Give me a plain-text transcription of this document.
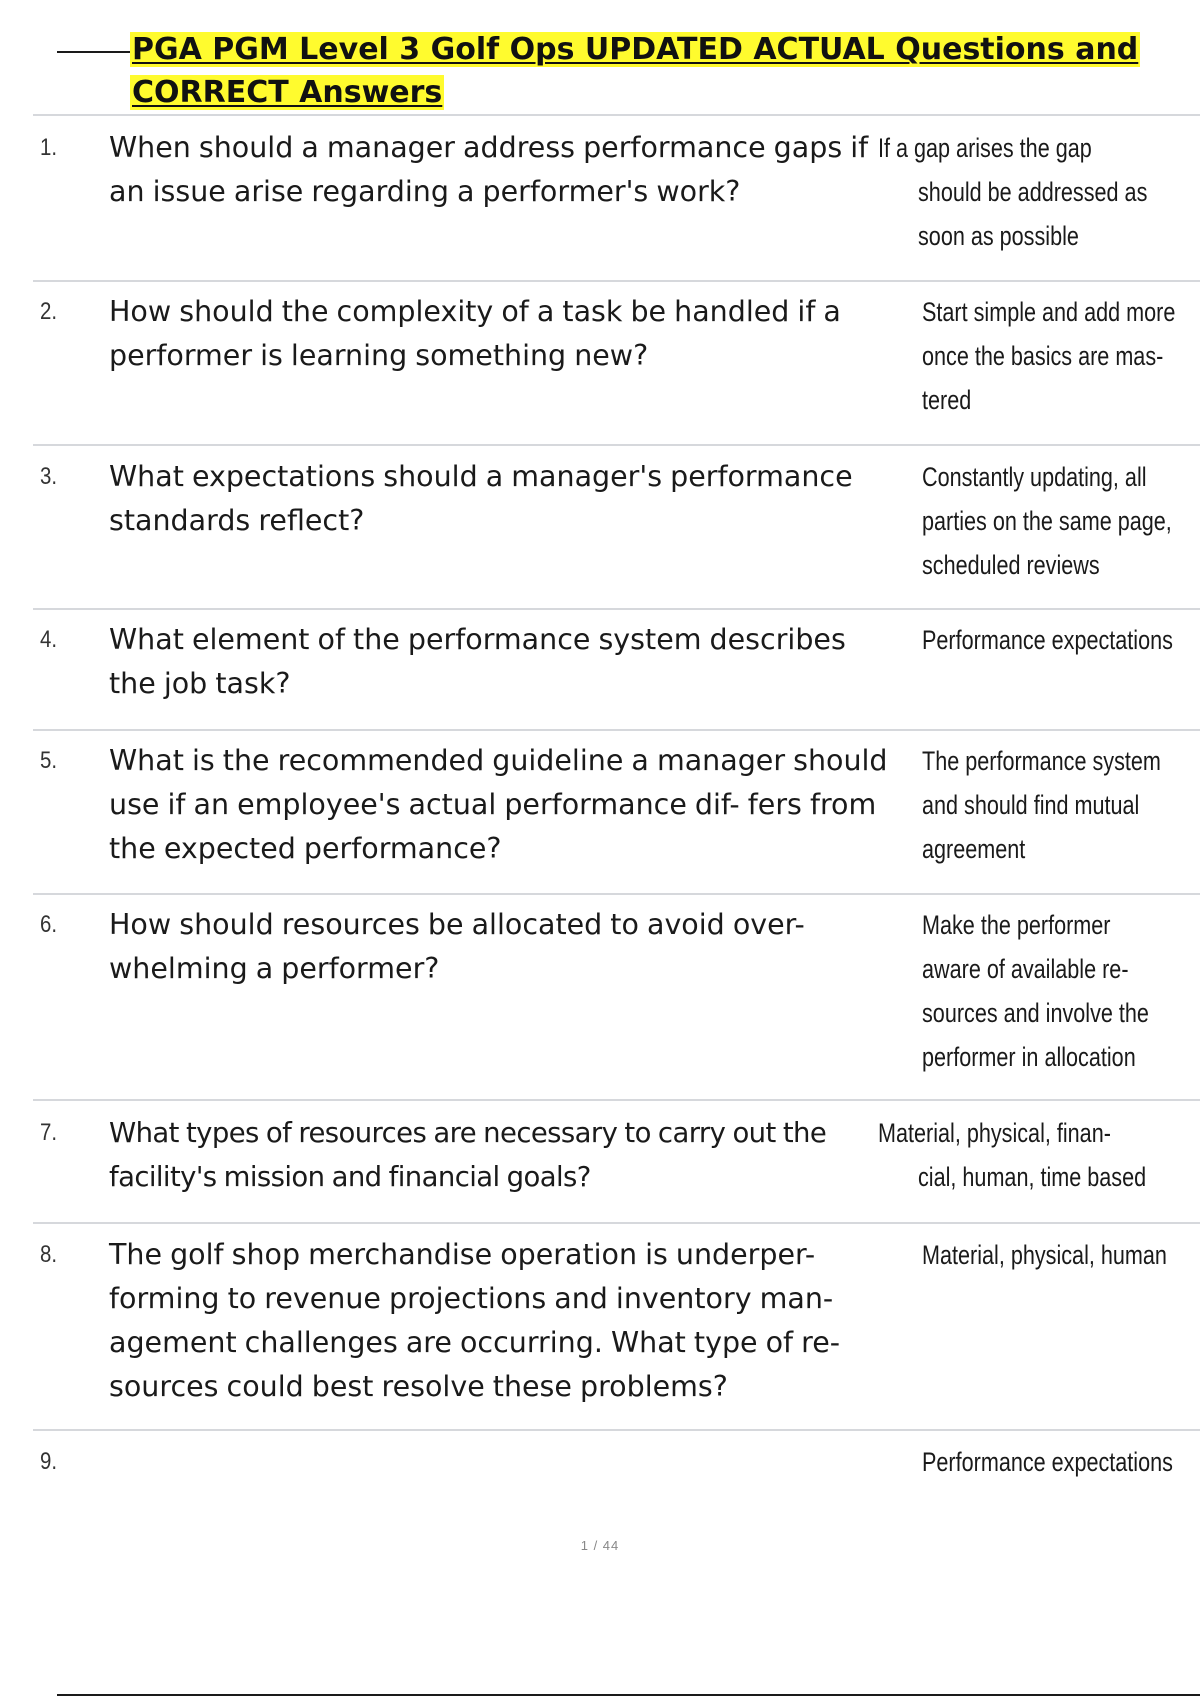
PGA PGM Level 3 Golf Ops UPDATED ACTUAL Questions and
CORRECT Answers
1. When should a manager address performance gaps if an issue arise regarding a performer's work?
If a gap arises the gap
should be addressed as
soon as possible
2. How should the complexity of a task be handled if a performer is learning something new?
Start simple and add more
once the basics are mas-
tered
3. What expectations should a manager's performance standards reflect?
Constantly updating, all
parties on the same page,
scheduled reviews
4. What element of the performance system describes the job task?
Performance expectations
5. What is the recommended guideline a manager should use if an employee's actual performance dif- fers from the expected performance?
The performance system
and should find mutual
agreement
6. How should resources be allocated to avoid over- whelming a performer?
Make the performer
aware of available re-
sources and involve the
performer in allocation
7. What types of resources are necessary to carry out the facility's mission and financial goals?
Material, physical, finan-
cial, human, time based
8. The golf shop merchandise operation is underper- forming to revenue projections and inventory man- agement challenges are occurring. What type of re- sources could best resolve these problems?
Material, physical, human
9.	Performance expectations
1 / 44
